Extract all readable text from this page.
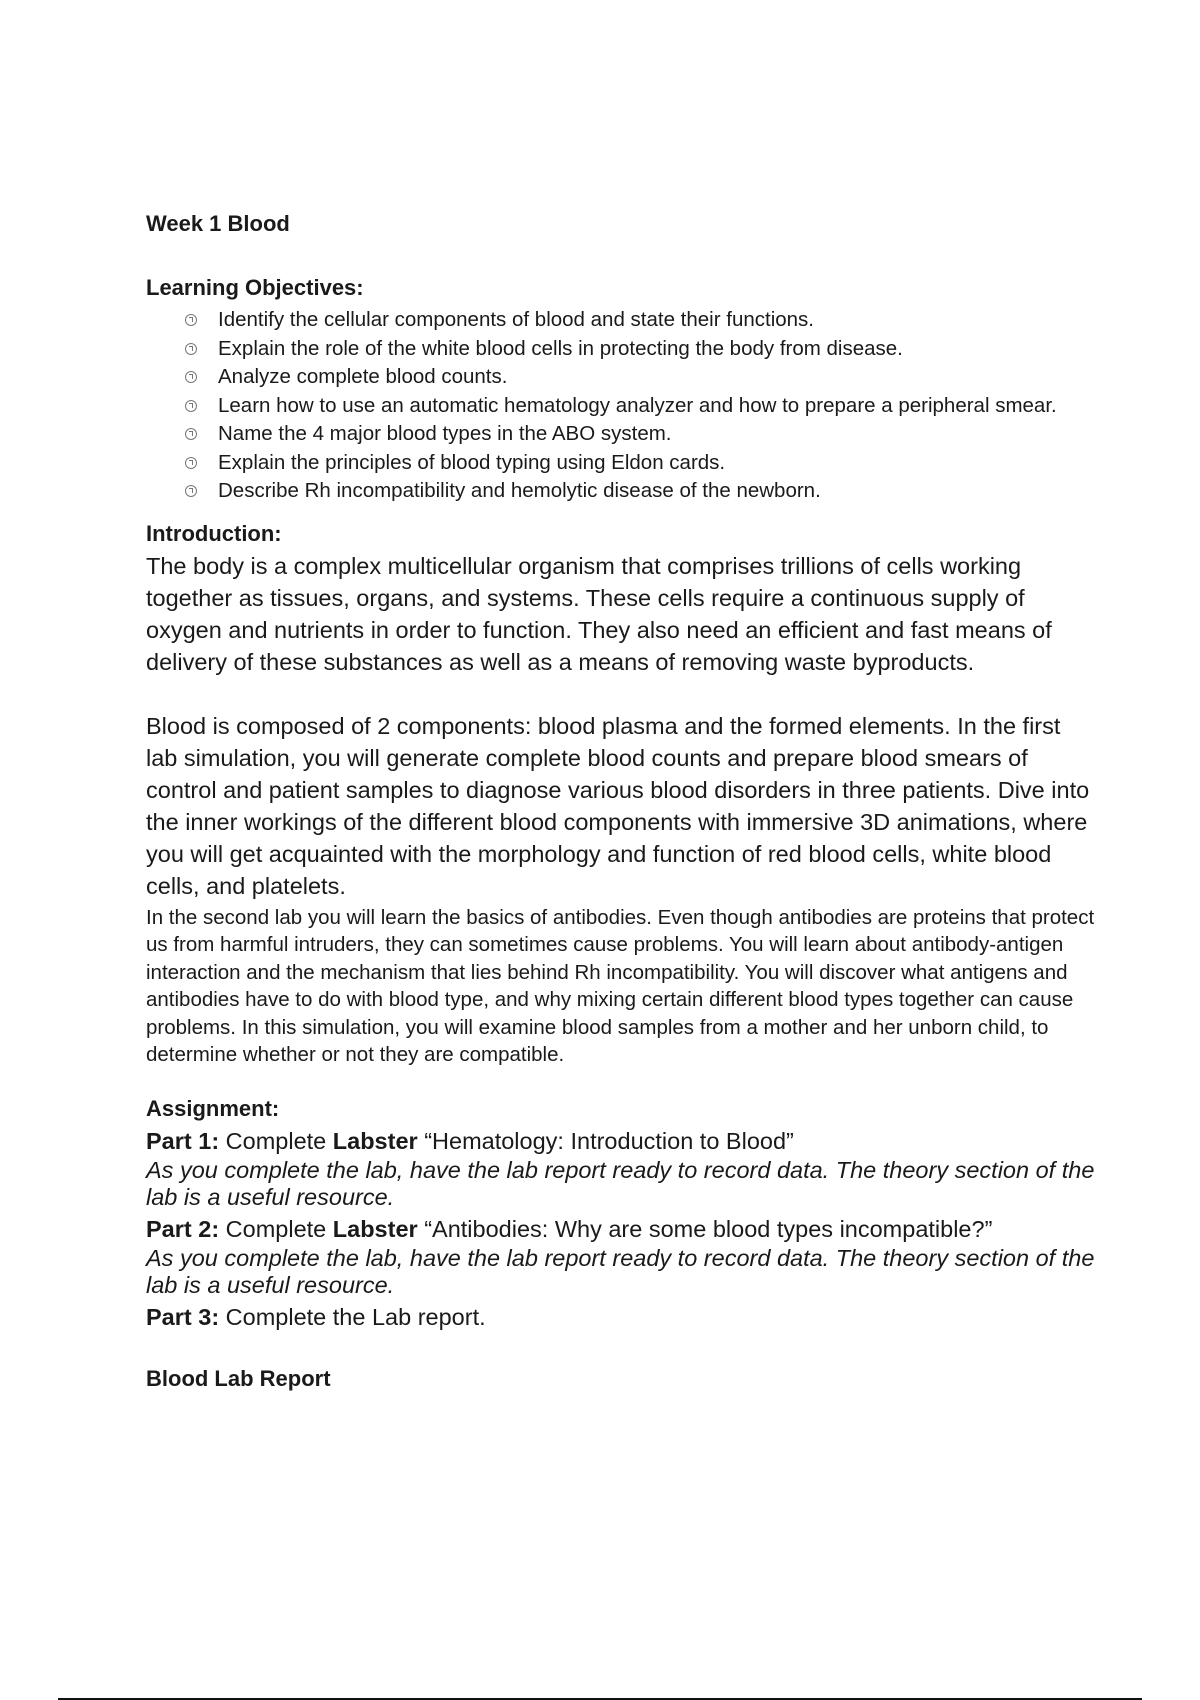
Week 1 Blood
Learning Objectives:
Identify the cellular components of blood and state their functions.
Explain the role of the white blood cells in protecting the body from disease.
Analyze complete blood counts.
Learn how to use an automatic hematology analyzer and how to prepare a peripheral smear.
Name the 4 major blood types in the ABO system.
Explain the principles of blood typing using Eldon cards.
Describe Rh incompatibility and hemolytic disease of the newborn.
Introduction:

The body is a complex multicellular organism that comprises trillions of cells working together as tissues, organs, and systems. These cells require a continuous supply of oxygen and nutrients in order to function. They also need an efficient and fast means of delivery of these substances as well as a means of removing waste byproducts.

Blood is composed of 2 components: blood plasma and the formed elements. In the first lab simulation, you will generate complete blood counts and prepare blood smears of control and patient samples to diagnose various blood disorders in three patients. Dive into the inner workings of the different blood components with immersive 3D animations, where you will get acquainted with the morphology and function of red blood cells, white blood cells, and platelets.

In the second lab you will learn the basics of antibodies. Even though antibodies are proteins that protect us from harmful intruders, they can sometimes cause problems. You will learn about antibody-antigen interaction and the mechanism that lies behind Rh incompatibility. You will discover what antigens and antibodies have to do with blood type, and why mixing certain different blood types together can cause problems. In this simulation, you will examine blood samples from a mother and her unborn child, to determine whether or not they are compatible.

Assignment:

Part 1: Complete Labster “Hematology: Introduction to Blood”

As you complete the lab, have the lab report ready to record data. The theory section of the lab is a useful resource.

Part 2: Complete Labster “Antibodies: Why are some blood types incompatible?”

As you complete the lab, have the lab report ready to record data. The theory section of the lab is a useful resource.

Part 3: Complete the Lab report.

Blood Lab Report
